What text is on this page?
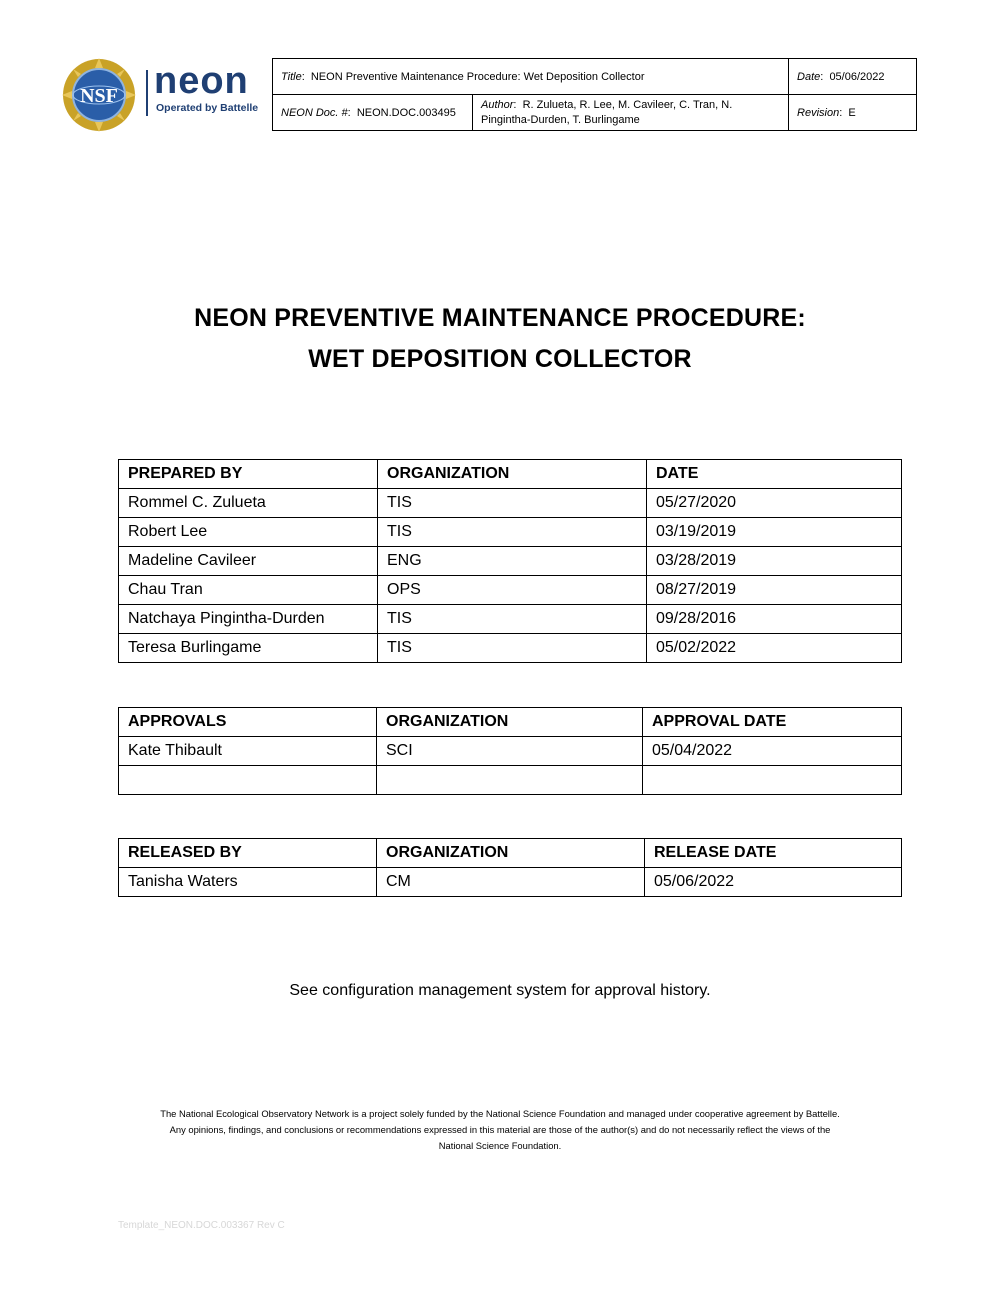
NSF neon
Operated by Battelle
Title:  NEON Preventive Maintenance Procedure: Wet Deposition Collector		Date:  05/06/2022
NEON Doc. #:  NEON.DOC.003495	Author:  R. Zulueta, R. Lee, M. Cavileer, C. Tran, N. Pingintha-Durden, T. Burlingame	Revision:  E
NEON PREVENTIVE MAINTENANCE PROCEDURE:
WET DEPOSITION COLLECTOR
PREPARED BY	ORGANIZATION	DATE
Rommel C. Zulueta	TIS	05/27/2020
Robert Lee	TIS	03/19/2019
Madeline Cavileer	ENG	03/28/2019
Chau Tran	OPS	08/27/2019
Natchaya Pingintha-Durden	TIS	09/28/2016
Teresa Burlingame	TIS	05/02/2022
APPROVALS	ORGANIZATION	APPROVAL DATE
Kate Thibault	SCI	05/04/2022

RELEASED BY	ORGANIZATION	RELEASE DATE
Tanisha Waters	CM	05/06/2022
See configuration management system for approval history.
The National Ecological Observatory Network is a project solely funded by the National Science Foundation and managed under cooperative agreement by Battelle.
Any opinions, findings, and conclusions or recommendations expressed in this material are those of the author(s) and do not necessarily reflect the views of the
National Science Foundation.
Template_NEON.DOC.003367 Rev C
